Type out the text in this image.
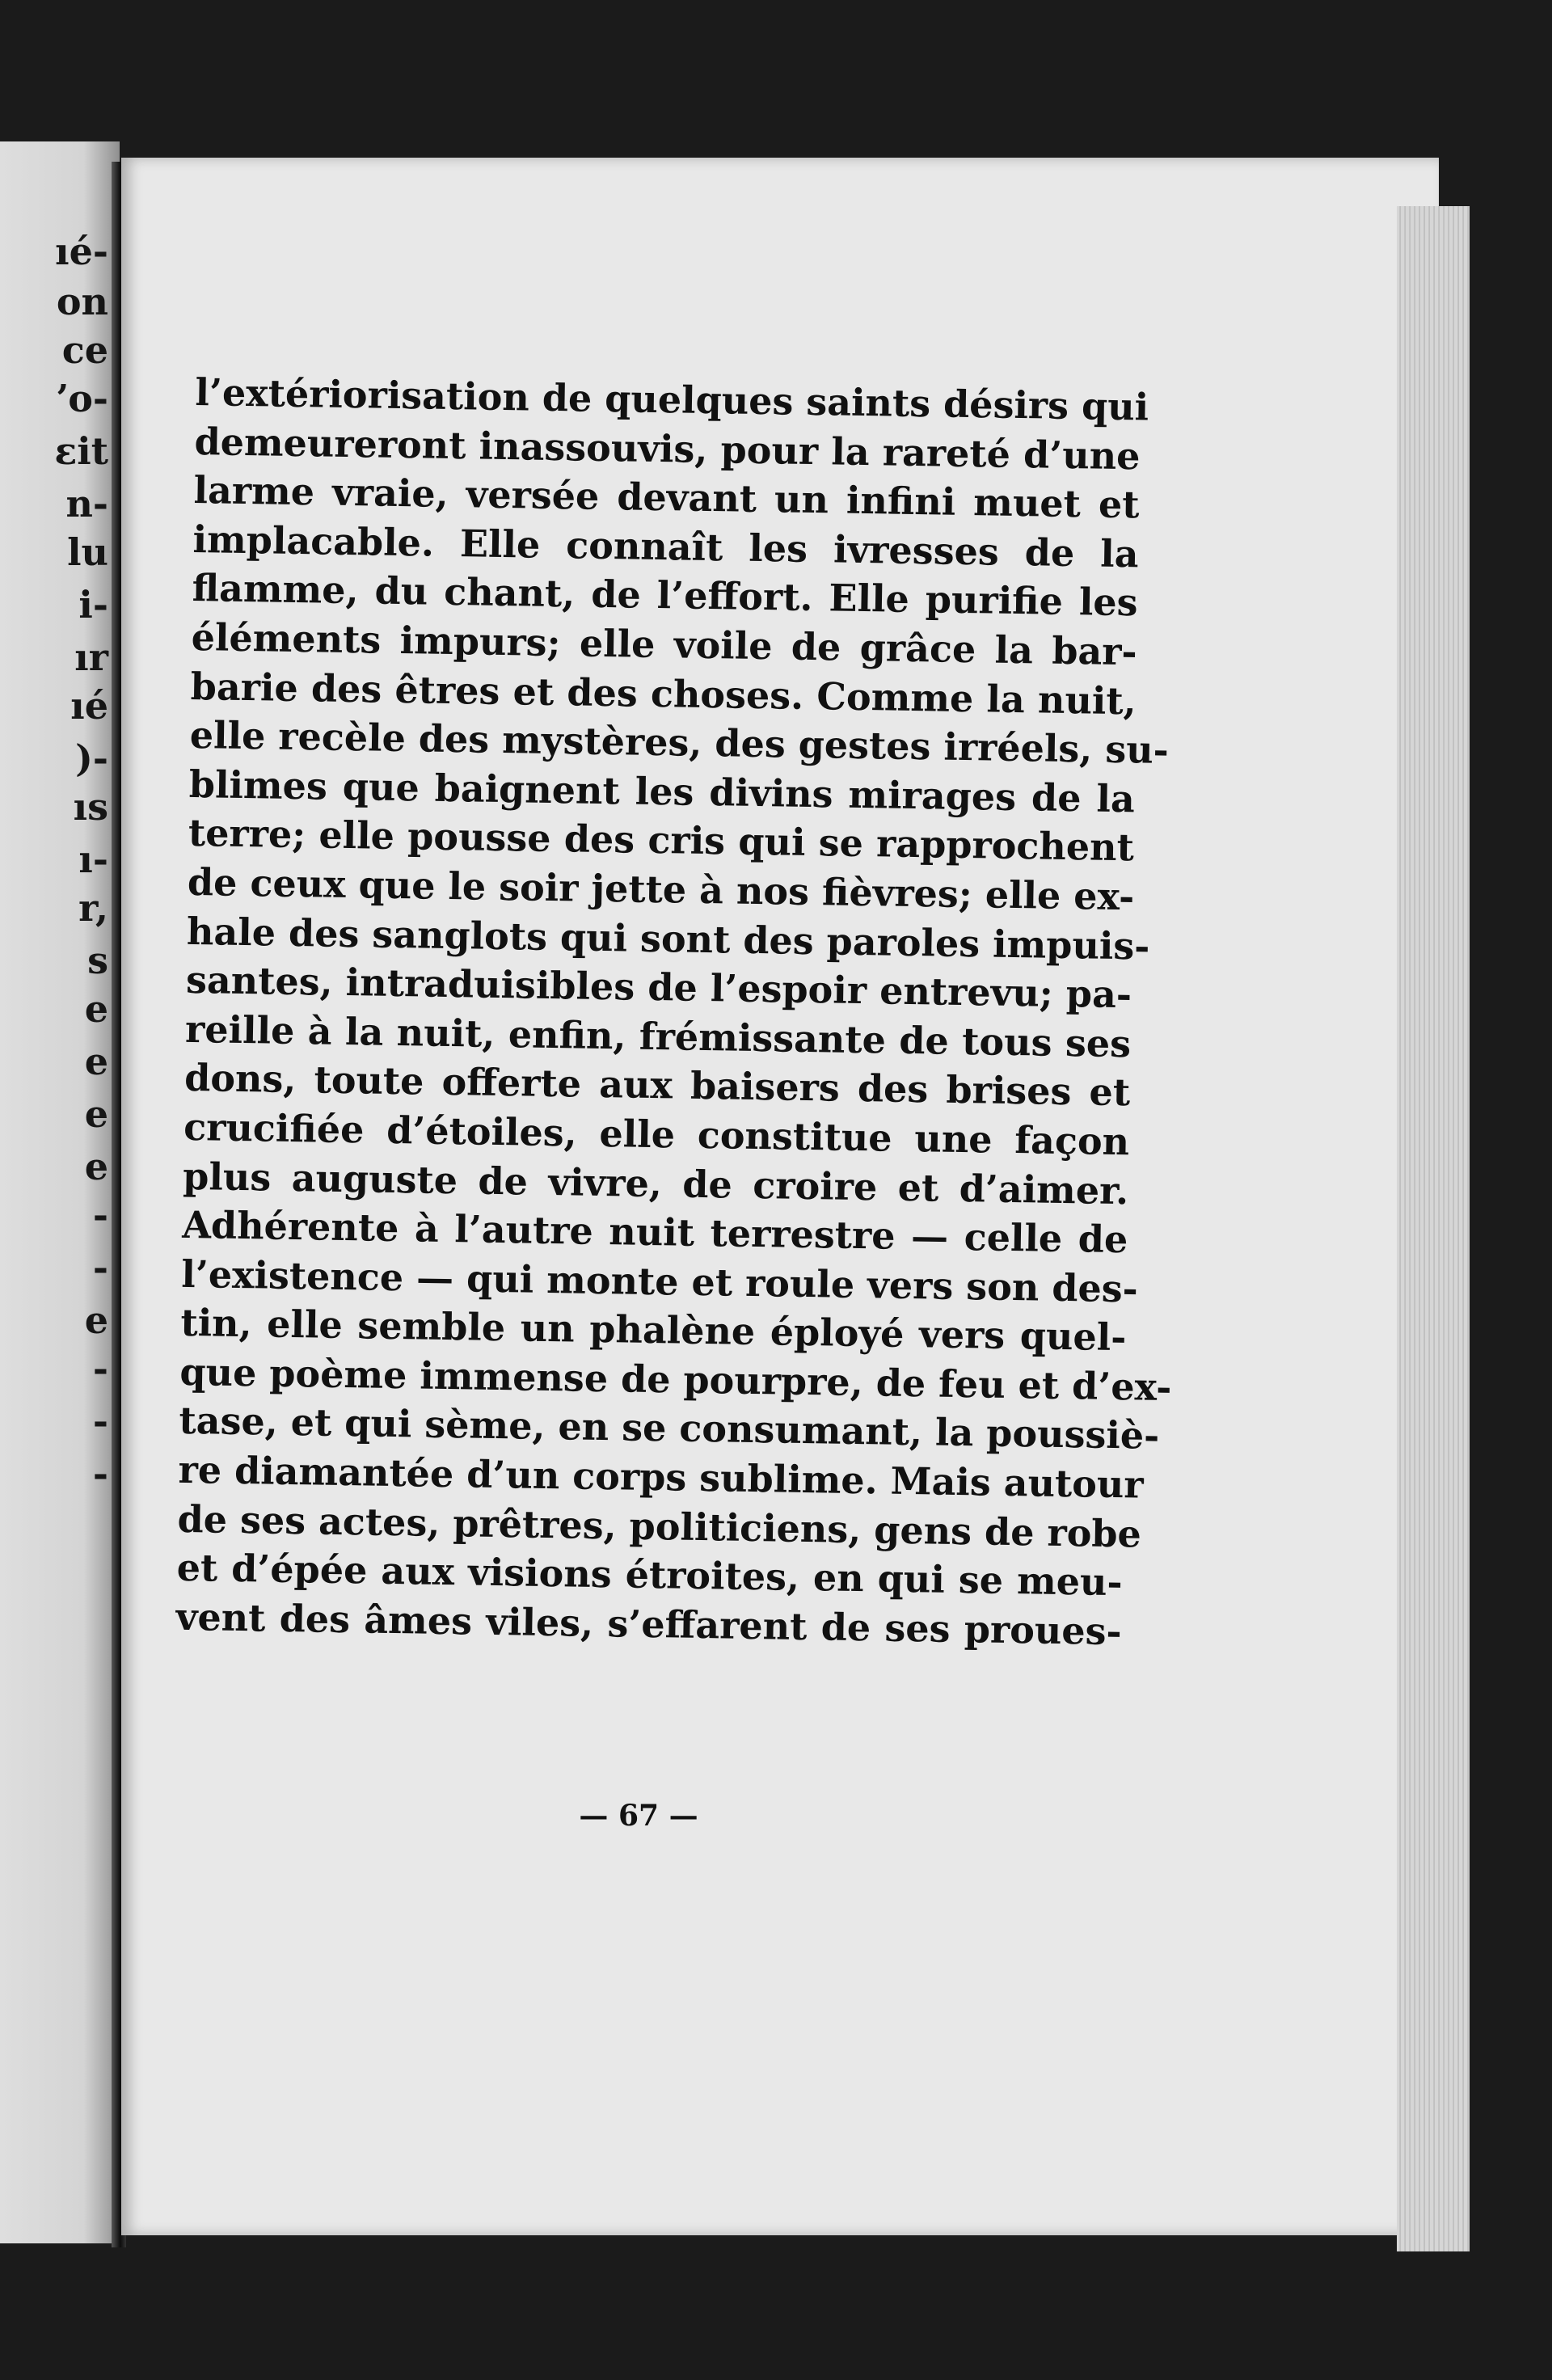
ıé-
on
ce
ʼo-
ɛit
n-
lu
i-
ır
ıé
)-
ıs
ı-
r,
s
e
e
e
e
-
-
e
-
-
-
l’extériorisation de quelques saints désirs qui
demeureront inassouvis, pour la rareté d’une
larme vraie, versée devant un infini muet et
implacable. Elle connaît les ivresses de la
flamme, du chant, de l’effort. Elle purifie les
éléments impurs; elle voile de grâce la bar-
barie des êtres et des choses. Comme la nuit,
elle recèle des mystères, des gestes irréels, su-
blimes que baignent les divins mirages de la
terre; elle pousse des cris qui se rapprochent
de ceux que le soir jette à nos fièvres; elle ex-
hale des sanglots qui sont des paroles impuis-
santes, intraduisibles de l’espoir entrevu; pa-
reille à la nuit, enfin, frémissante de tous ses
dons, toute offerte aux baisers des brises et
crucifiée d’étoiles, elle constitue une façon
plus auguste de vivre, de croire et d’aimer.
Adhérente à l’autre nuit terrestre — celle de
l’existence — qui monte et roule vers son des-
tin, elle semble un phalène éployé vers quel-
que poème immense de pourpre, de feu et d’ex-
tase, et qui sème, en se consumant, la poussiè-
re diamantée d’un corps sublime. Mais autour
de ses actes, prêtres, politiciens, gens de robe
et d’épée aux visions étroites, en qui se meu-
vent des âmes viles, s’effarent de ses proues-
— 67 —
